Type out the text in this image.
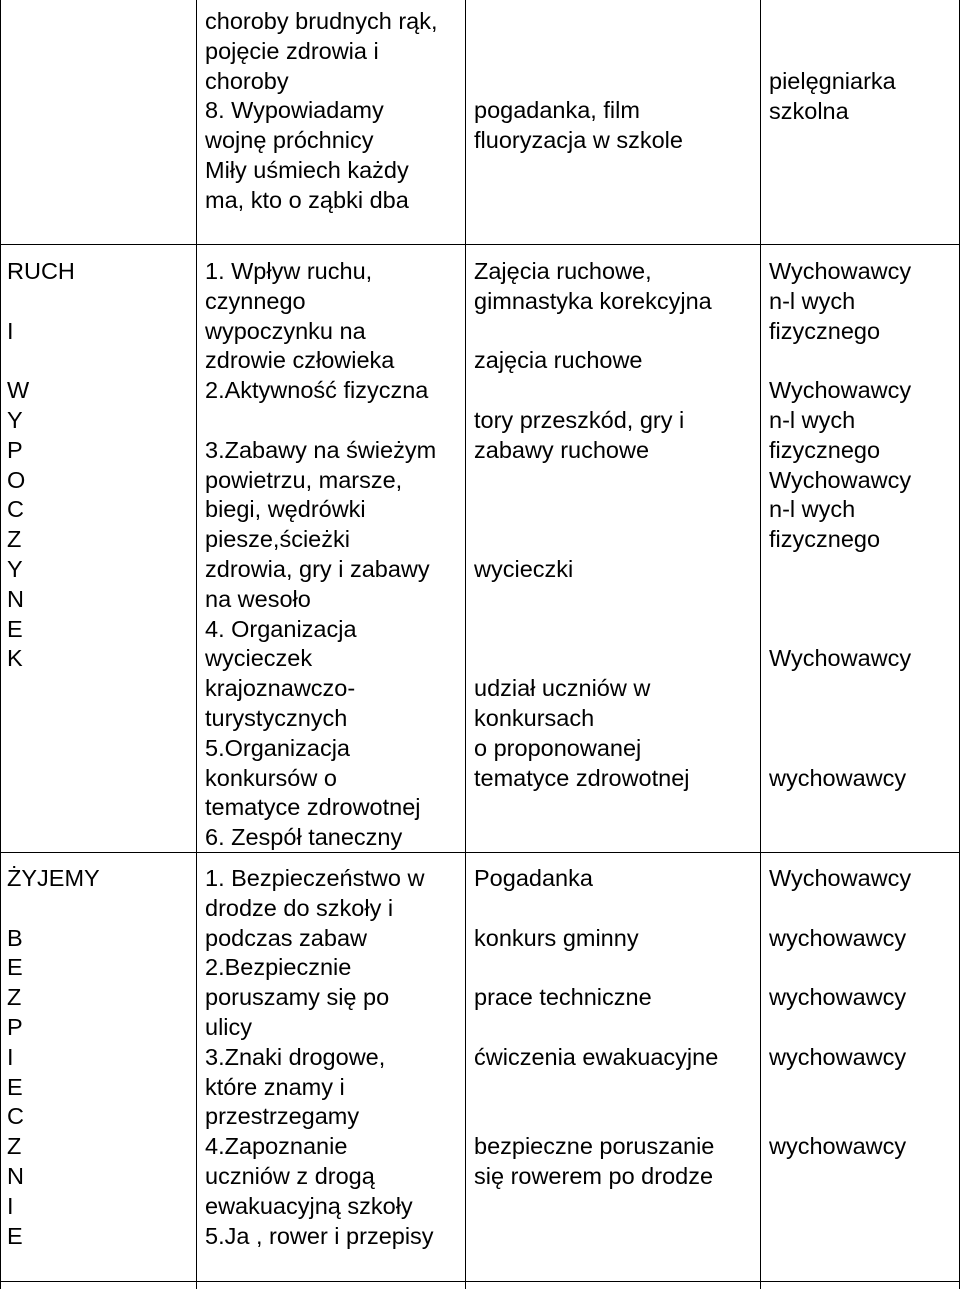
choroby brudnych rąk,
pojęcie zdrowia i
choroby
8. Wypowiadamy
wojnę próchnicy
Miły uśmiech każdy
ma, kto o ząbki dba
pogadanka, film
fluoryzacja w szkole
pielęgniarka
szkolna
RUCH
I
W
Y
P
O
C
Z
Y
N
E
K
1. Wpływ ruchu,
czynnego
wypoczynku na
zdrowie człowieka
2.Aktywność fizyczna
3.Zabawy na świeżym
powietrzu, marsze,
biegi, wędrówki
piesze,ścieżki
zdrowia, gry i zabawy
na wesoło
4. Organizacja
wycieczek
krajoznawczo-
turystycznych
5.Organizacja
konkursów o
tematyce zdrowotnej
6. Zespół taneczny
Zajęcia ruchowe,
gimnastyka korekcyjna
zajęcia ruchowe
tory przeszkód, gry i
zabawy ruchowe
wycieczki
udział uczniów w
konkursach
o proponowanej
tematyce zdrowotnej
Wychowawcy
n-l wych
fizycznego
Wychowawcy
n-l wych
fizycznego
Wychowawcy
n-l wych
fizycznego
Wychowawcy
wychowawcy
ŻYJEMY
B
E
Z
P
I
E
C
Z
N
I
E
1. Bezpieczeństwo w
drodze do szkoły i
podczas zabaw
2.Bezpiecznie
poruszamy się po
ulicy
3.Znaki drogowe,
które znamy i
przestrzegamy
4.Zapoznanie
uczniów z drogą
ewakuacyjną szkoły
5.Ja , rower i przepisy
Pogadanka
konkurs gminny
prace techniczne
ćwiczenia ewakuacyjne
bezpieczne poruszanie
się rowerem po drodze
Wychowawcy
wychowawcy
wychowawcy
wychowawcy
wychowawcy
